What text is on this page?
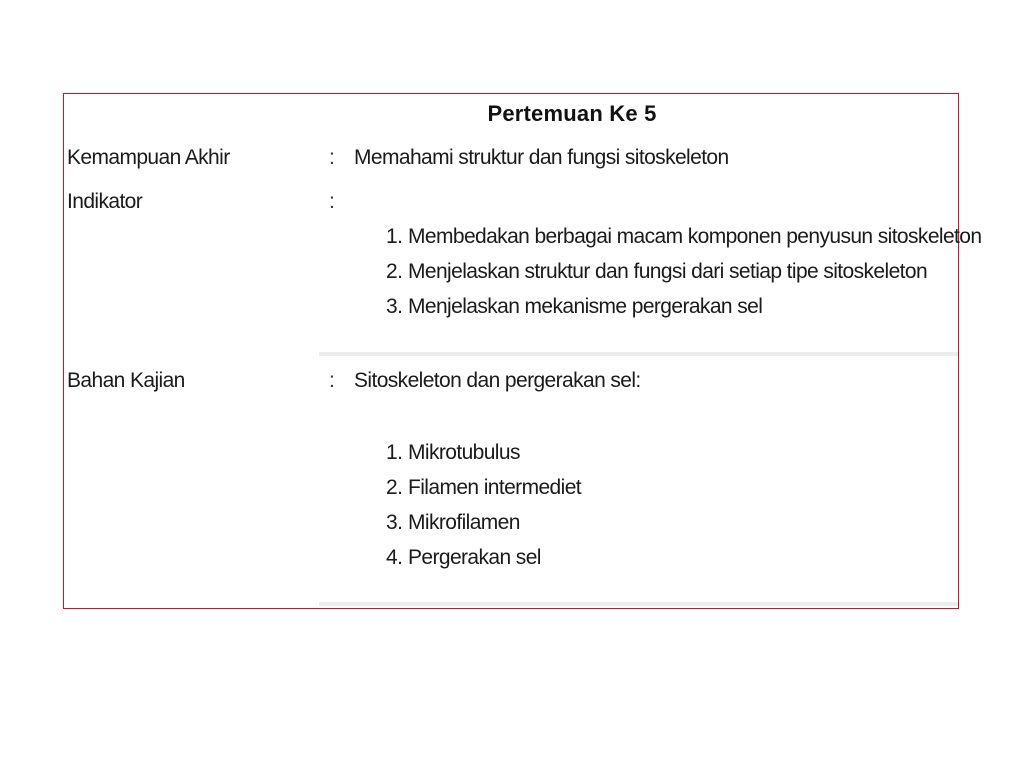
Pertemuan Ke 5
Kemampuan Akhir	: Memahami struktur dan fungsi sitoskeleton
Indikator	:
1. Membedakan berbagai macam komponen penyusun sitoskeleton
2. Menjelaskan struktur dan fungsi dari setiap tipe sitoskeleton
3. Menjelaskan mekanisme pergerakan sel
Bahan Kajian	: Sitoskeleton dan pergerakan sel:
1. Mikrotubulus
2. Filamen intermediet
3. Mikrofilamen
4. Pergerakan sel
